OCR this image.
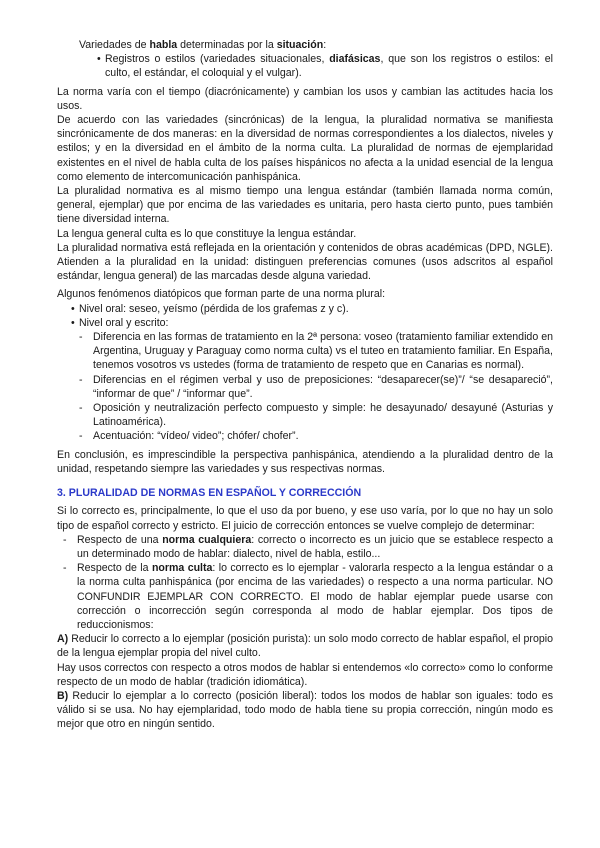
Variedades de habla determinadas por la situación:

• Registros o estilos (variedades situacionales, diafásicas, que son los registros o estilos: el culto, el estándar, el coloquial y el vulgar).

La norma varía con el tiempo (diacrónicamente) y cambian los usos y cambian las actitudes hacia los usos.

De acuerdo con las variedades (sincrónicas) de la lengua, la pluralidad normativa se manifiesta sincrónicamente de dos maneras: en la diversidad de normas correspondientes a los dialectos, niveles y estilos; y en la diversidad en el ámbito de la norma culta. La pluralidad de normas de ejemplaridad existentes en el nivel de habla culta de los países hispánicos no afecta a la unidad esencial de la lengua como elemento de intercomunicación panhispánica.

La pluralidad normativa es al mismo tiempo una lengua estándar (también llamada norma común, general, ejemplar) que por encima de las variedades es unitaria, pero hasta cierto punto, pues también tiene diversidad interna.

La lengua general culta es lo que constituye la lengua estándar.

La pluralidad normativa está reflejada en la orientación y contenidos de obras académicas (DPD, NGLE). Atienden a la pluralidad en la unidad: distinguen preferencias comunes (usos adscritos al español estándar, lengua general) de las marcadas desde alguna variedad.

Algunos fenómenos diatópicos que forman parte de una norma plural:

• Nivel oral: seseo, yeísmo (pérdida de los grafemas z y c).
• Nivel oral y escrito:
- Diferencia en las formas de tratamiento en la 2ª persona: voseo (tratamiento familiar extendido en Argentina, Uruguay y Paraguay como norma culta) vs el tuteo en tratamiento familiar. En España, tenemos vosotros vs ustedes (forma de tratamiento de respeto que en Canarias es normal).
- Diferencias en el régimen verbal y uso de preposiciones: “desaparecer(se)”/ “se desapareció”, “informar de que” / “informar que”.
- Oposición y neutralización perfecto compuesto y simple: he desayunado/ desayuné (Asturias y Latinoamérica).
- Acentuación: “vídeo/ video”; chófer/ chofer”.

En conclusión, es imprescindible la perspectiva panhispánica, atendiendo a la pluralidad dentro de la unidad, respetando siempre las variedades y sus respectivas normas.

3. PLURALIDAD DE NORMAS EN ESPAÑOL Y CORRECCIÓN

Si lo correcto es, principalmente, lo que el uso da por bueno, y ese uso varía, por lo que no hay un solo tipo de español correcto y estricto. El juicio de corrección entonces se vuelve complejo de determinar:

- Respecto de una norma cualquiera: correcto o incorrecto es un juicio que se establece respecto a un determinado modo de hablar: dialecto, nivel de habla, estilo...
- Respecto de la norma culta: lo correcto es lo ejemplar - valorarla respecto a la lengua estándar o a la norma culta panhispánica (por encima de las variedades) o respecto a una norma particular. NO CONFUNDIR EJEMPLAR CON CORRECTO. El modo de hablar ejemplar puede usarse con corrección o incorrección según corresponda al modo de hablar ejemplar. Dos tipos de reduccionismos:

A) Reducir lo correcto a lo ejemplar (posición purista): un solo modo correcto de hablar español, el propio de la lengua ejemplar propia del nivel culto.

Hay usos correctos con respecto a otros modos de hablar si entendemos «lo correcto» como lo conforme respecto de un modo de hablar (tradición idiomática).

B) Reducir lo ejemplar a lo correcto (posición liberal): todos los modos de hablar son iguales: todo es válido si se usa. No hay ejemplaridad, todo modo de habla tiene su propia corrección, ningún modo es mejor que otro en ningún sentido.
